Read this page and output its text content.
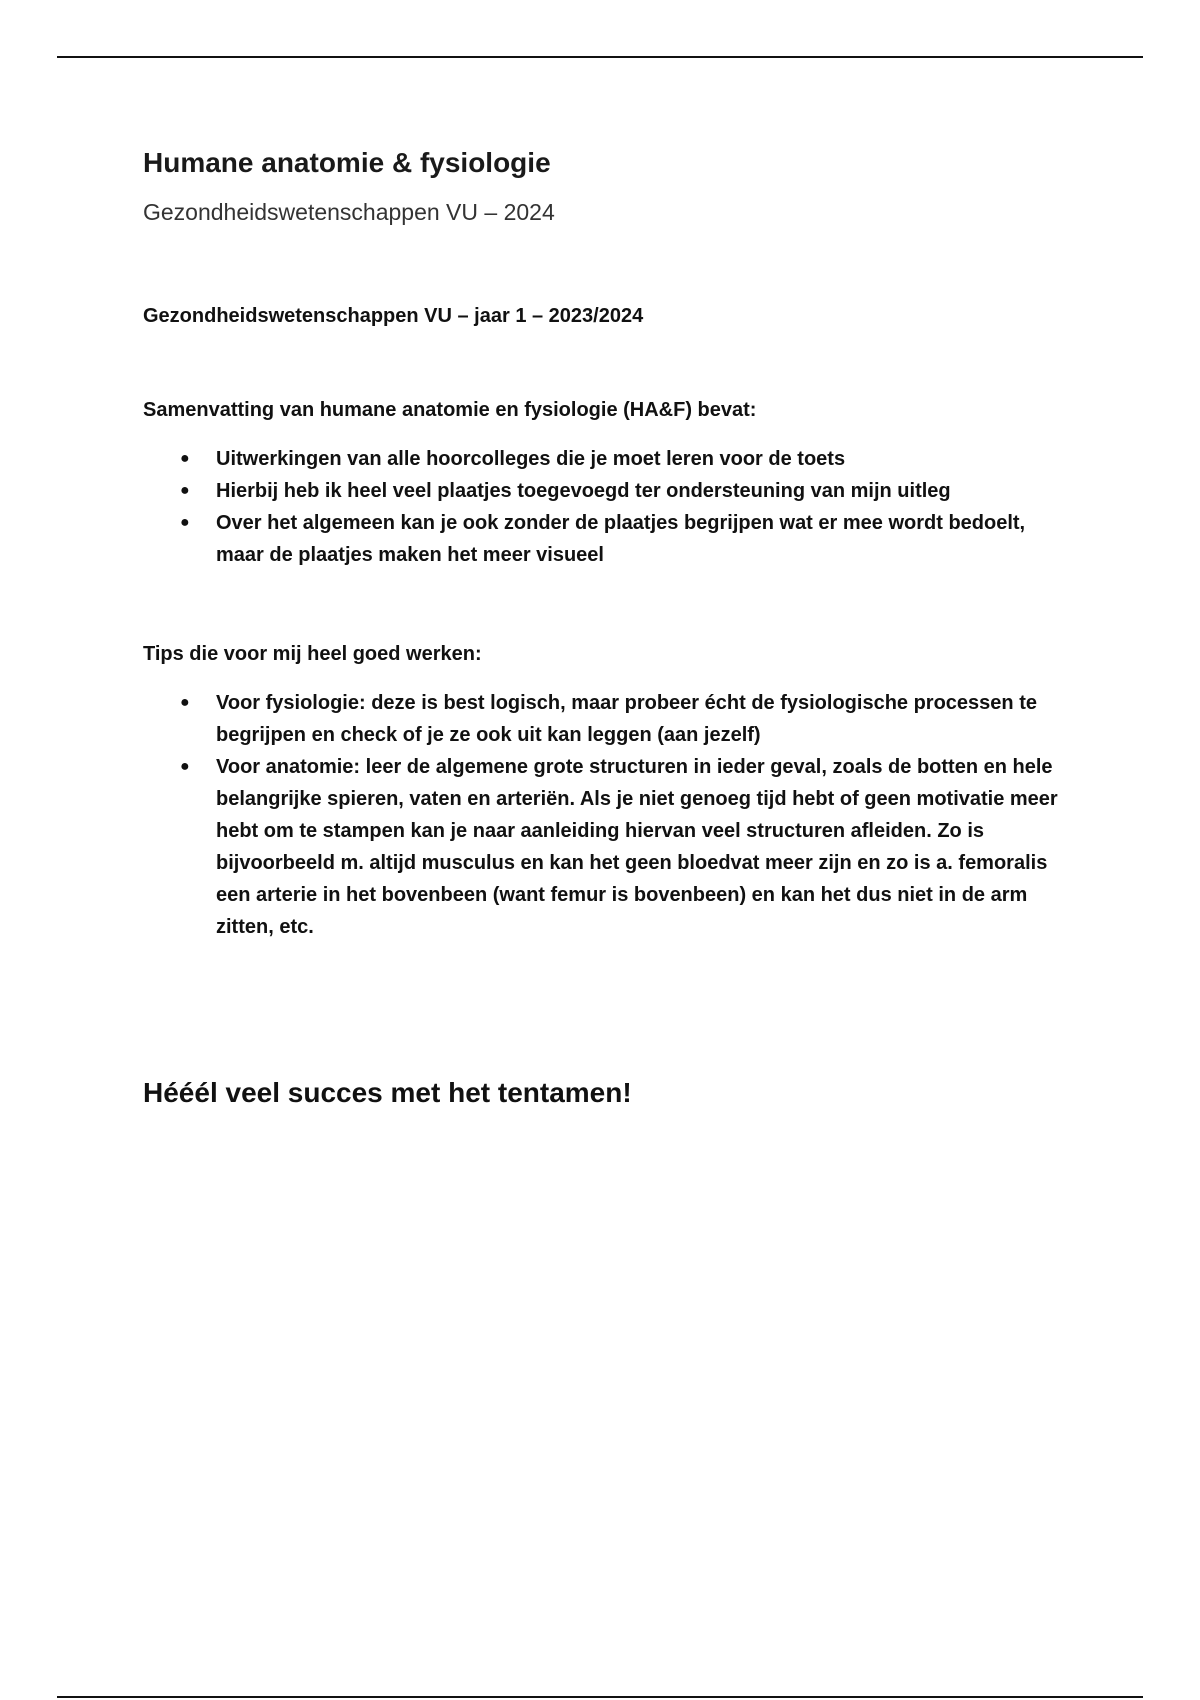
Humane anatomie & fysiologie

Gezondheidswetenschappen VU – 2024

Gezondheidswetenschappen VU – jaar 1 – 2023/2024

Samenvatting van humane anatomie en fysiologie (HA&F) bevat:

● Uitwerkingen van alle hoorcolleges die je moet leren voor de toets
● Hierbij heb ik heel veel plaatjes toegevoegd ter ondersteuning van mijn uitleg
● Over het algemeen kan je ook zonder de plaatjes begrijpen wat er mee wordt bedoelt, maar de plaatjes maken het meer visueel

Tips die voor mij heel goed werken:

● Voor fysiologie: deze is best logisch, maar probeer écht de fysiologische processen te begrijpen en check of je ze ook uit kan leggen (aan jezelf)
● Voor anatomie: leer de algemene grote structuren in ieder geval, zoals de botten en hele belangrijke spieren, vaten en arteriën. Als je niet genoeg tijd hebt of geen motivatie meer hebt om te stampen kan je naar aanleiding hiervan veel structuren afleiden. Zo is bijvoorbeeld m. altijd musculus en kan het geen bloedvat meer zijn en zo is a. femoralis een arterie in het bovenbeen (want femur is bovenbeen) en kan het dus niet in de arm zitten, etc.

Hééél veel succes met het tentamen!
